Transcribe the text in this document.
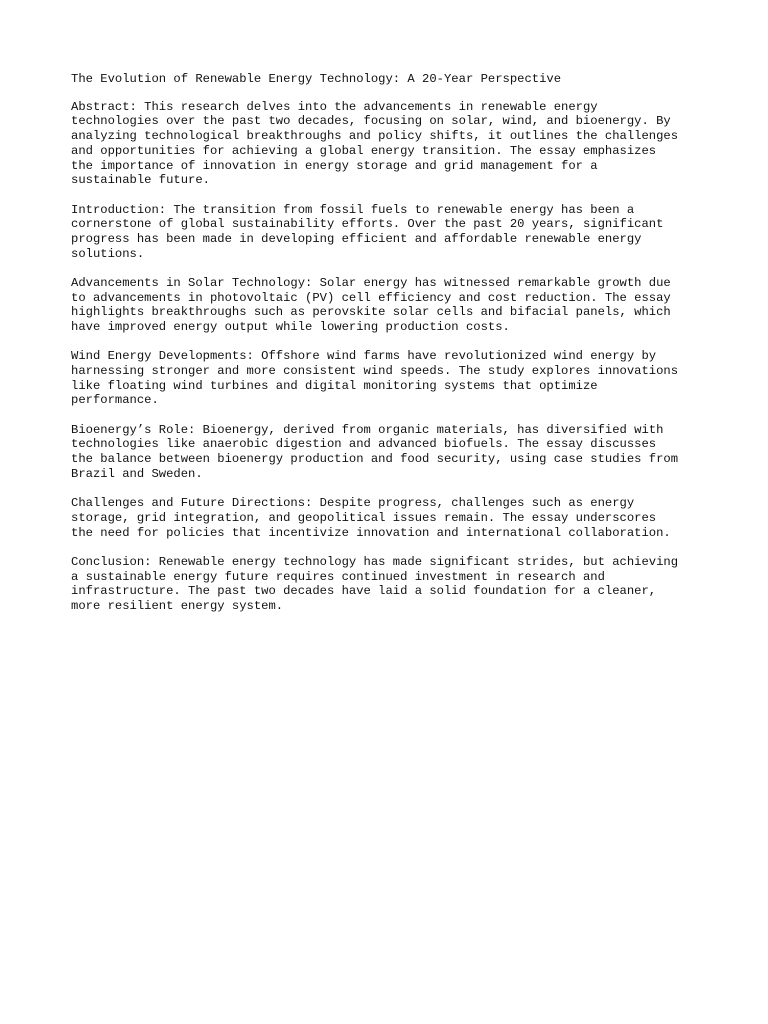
The Evolution of Renewable Energy Technology: A 20-Year Perspective

Abstract: This research delves into the advancements in renewable energy
technologies over the past two decades, focusing on solar, wind, and bioenergy. By
analyzing technological breakthroughs and policy shifts, it outlines the challenges
and opportunities for achieving a global energy transition. The essay emphasizes
the importance of innovation in energy storage and grid management for a
sustainable future.

Introduction: The transition from fossil fuels to renewable energy has been a
cornerstone of global sustainability efforts. Over the past 20 years, significant
progress has been made in developing efficient and affordable renewable energy
solutions.

Advancements in Solar Technology: Solar energy has witnessed remarkable growth due
to advancements in photovoltaic (PV) cell efficiency and cost reduction. The essay
highlights breakthroughs such as perovskite solar cells and bifacial panels, which
have improved energy output while lowering production costs.

Wind Energy Developments: Offshore wind farms have revolutionized wind energy by
harnessing stronger and more consistent wind speeds. The study explores innovations
like floating wind turbines and digital monitoring systems that optimize
performance.

Bioenergy’s Role: Bioenergy, derived from organic materials, has diversified with
technologies like anaerobic digestion and advanced biofuels. The essay discusses
the balance between bioenergy production and food security, using case studies from
Brazil and Sweden.

Challenges and Future Directions: Despite progress, challenges such as energy
storage, grid integration, and geopolitical issues remain. The essay underscores
the need for policies that incentivize innovation and international collaboration.

Conclusion: Renewable energy technology has made significant strides, but achieving
a sustainable energy future requires continued investment in research and
infrastructure. The past two decades have laid a solid foundation for a cleaner,
more resilient energy system.
